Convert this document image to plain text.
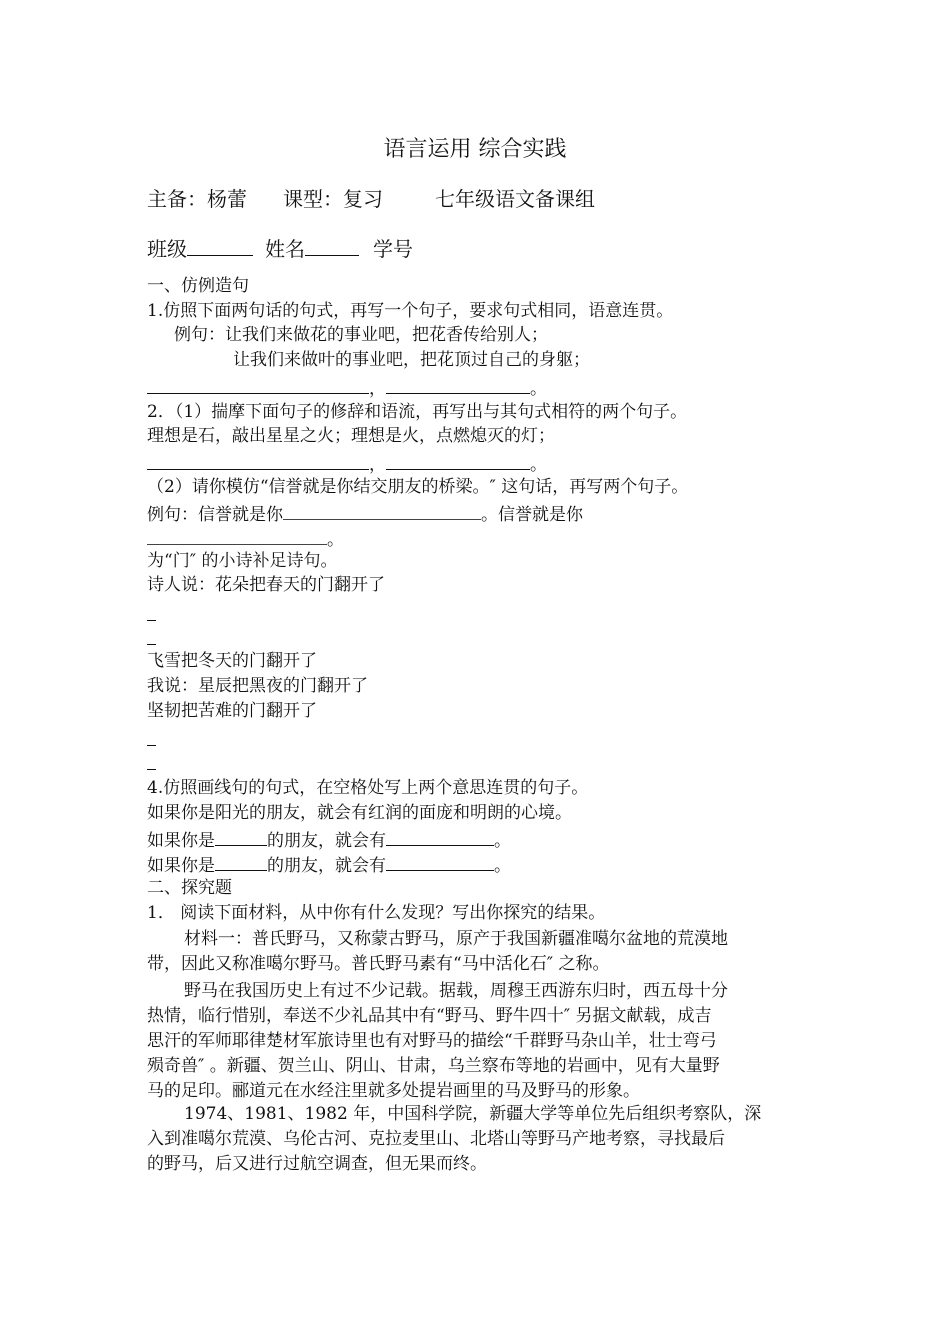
语言运用 综合实践
主备：杨蕾 课型：复习	七年级语文备课组
班级	姓名	学号
一、仿例造句
1.仿照下面两句话的句式，再写一个句子，要求句式相同，语意连贯。
例句：让我们来做花的事业吧，把花香传给别人；
让我们来做叶的事业吧，把花顶过自己的身躯；
，	。
2．（1）揣摩下面句子的修辞和语流，再写出与其句式相符的两个句子。
理想是石，敲出星星之火；理想是火，点燃熄灭的灯；
，	。
（2）请你模仿“信誉就是你结交朋友的桥梁。″ 这句话，再写两个句子。
例句：信誉就是你	。信誉就是你
。
为“门″ 的小诗补足诗句。
诗人说：花朵把春天的门翻开了
飞雪把冬天的门翻开了
我说：星辰把黑夜的门翻开了
坚韧把苦难的门翻开了
4.仿照画线句的句式，在空格处写上两个意思连贯的句子。
如果你是阳光的朋友，就会有红润的面庞和明朗的心境。
如果你是	的朋友，就会有	。
如果你是	的朋友，就会有	。
二、探究题
1． 阅读下面材料，从中你有什么发现？写出你探究的结果。
材料一：普氏野马，又称蒙古野马，原产于我国新疆准噶尔盆地的荒漠地
带，因此又称准噶尔野马。普氏野马素有“马中活化石″ 之称。
野马在我国历史上有过不少记载。据载，周穆王西游东归时，西五母十分
热情，临行惜别，奉送不少礼品其中有“野马、野牛四十″ 另据文献载，成吉
思汗的军师耶律楚材军旅诗里也有对野马的描绘“千群野马杂山羊，壮士弯弓
殒奇兽″ 。新疆、贺兰山、阴山、甘肃，乌兰察布等地的岩画中，见有大量野
马的足印。郦道元在水经注里就多处提岩画里的马及野马的形象。
1974、1981、1982 年，中国科学院，新疆大学等单位先后组织考察队，深
入到准噶尔荒漠、乌伦古河、克拉麦里山、北塔山等野马产地考察，寻找最后
的野马，后又进行过航空调查，但无果而终。
